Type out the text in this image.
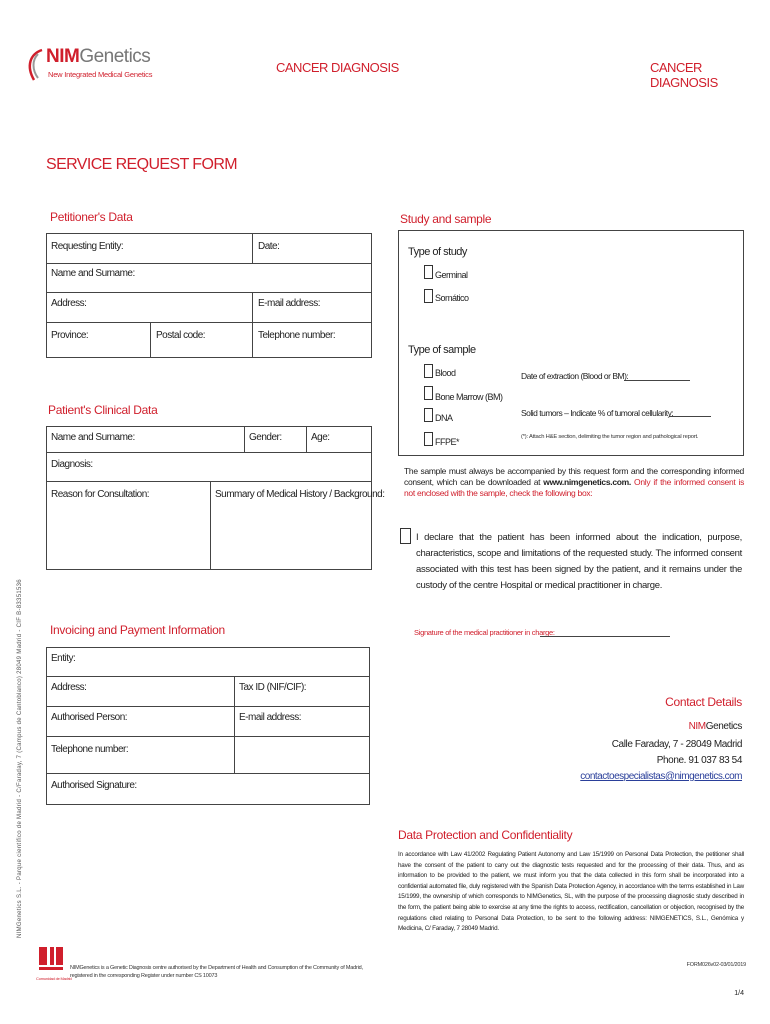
NIMGenetics
New Integrated Medical Genetics	CANCER DIAGNOSIS	CANCER DIAGNOSIS
SERVICE REQUEST FORM
NIMGenetics S.L. - Parque científico de Madrid - C/Faraday, 7 (Campus de Cantoblanco) 28049 Madrid - CIF B-83351536
Petitioner's Data
Requesting Entity:	Date:
Name and Surname:
Address:	E-mail address:
Province:	Postal code:	Telephone number:
Study and sample
Type of study
Germinal
Somático
Type of sample
Blood
Bone Marrow (BM)
DNA
FFPE*
Date of extraction (Blood or BM):
Solid tumors – Indicate % of tumoral cellularity:
(*): Attach H&E section, delimiting the tumor region and pathological report.
The sample must always be accompanied by this request form and the corresponding informed consent, which can be downloaded at www.nimgenetics.com. Only if the informed consent is not enclosed with the sample, check the following box:
I declare that the patient has been informed about the indication, purpose, characteristics, scope and limitations of the requested study. The informed consent associated with this test has been signed by the patient, and it remains under the custody of the centre Hospital or medical practitioner in charge.
Signature of the medical practitioner in charge:
Patient's Clinical Data
Name and Surname:	Gender:	Age:
Diagnosis:
Reason for Consultation:	Summary of Medical History / Background:
Invoicing and Payment Information
Entity:
Address:	Tax ID (NIF/CIF):
Authorised Person:	E-mail address:
Telephone number:
Authorised Signature:
Contact Details
NIMGenetics
Calle Faraday, 7 - 28049 Madrid
Phone. 91 037 83 54
contactoespecialistas@nimgenetics.com
Data Protection and Confidentiality
In accordance with Law 41/2002 Regulating Patient Autonomy and Law 15/1999 on Personal Data Protection, the petitioner shall have the consent of the patient to carry out the diagnostic tests requested and for the processing of their data. Thus, and as information to be provided to the patient, we must inform you that the data collected in this form shall be incorporated into a confidential automated file, duly registered with the Spanish Data Protection Agency, in accordance with the terms established in Law 15/1999, the ownership of which corresponds to NIMGenetics, SL, with the purpose of the processing diagnostic study described in the form, the patient being able to exercise at any time the rights to access, rectification, cancellation or objection, recognised by the regulations cited relating to Personal Data Protection, to be sent to the following address: NIMGENETICS, S.L., Genómica y Medicina, C/ Faraday, 7 28049 Madrid.
Comunidad de Madrid
NIMGenetics is a Genetic Diagnosis centre authorised by the Department of Health and Consumption of the Community of Madrid, registered in the corresponding Register under number CS 10073
FORM026v02-03/01/2019
1/4
